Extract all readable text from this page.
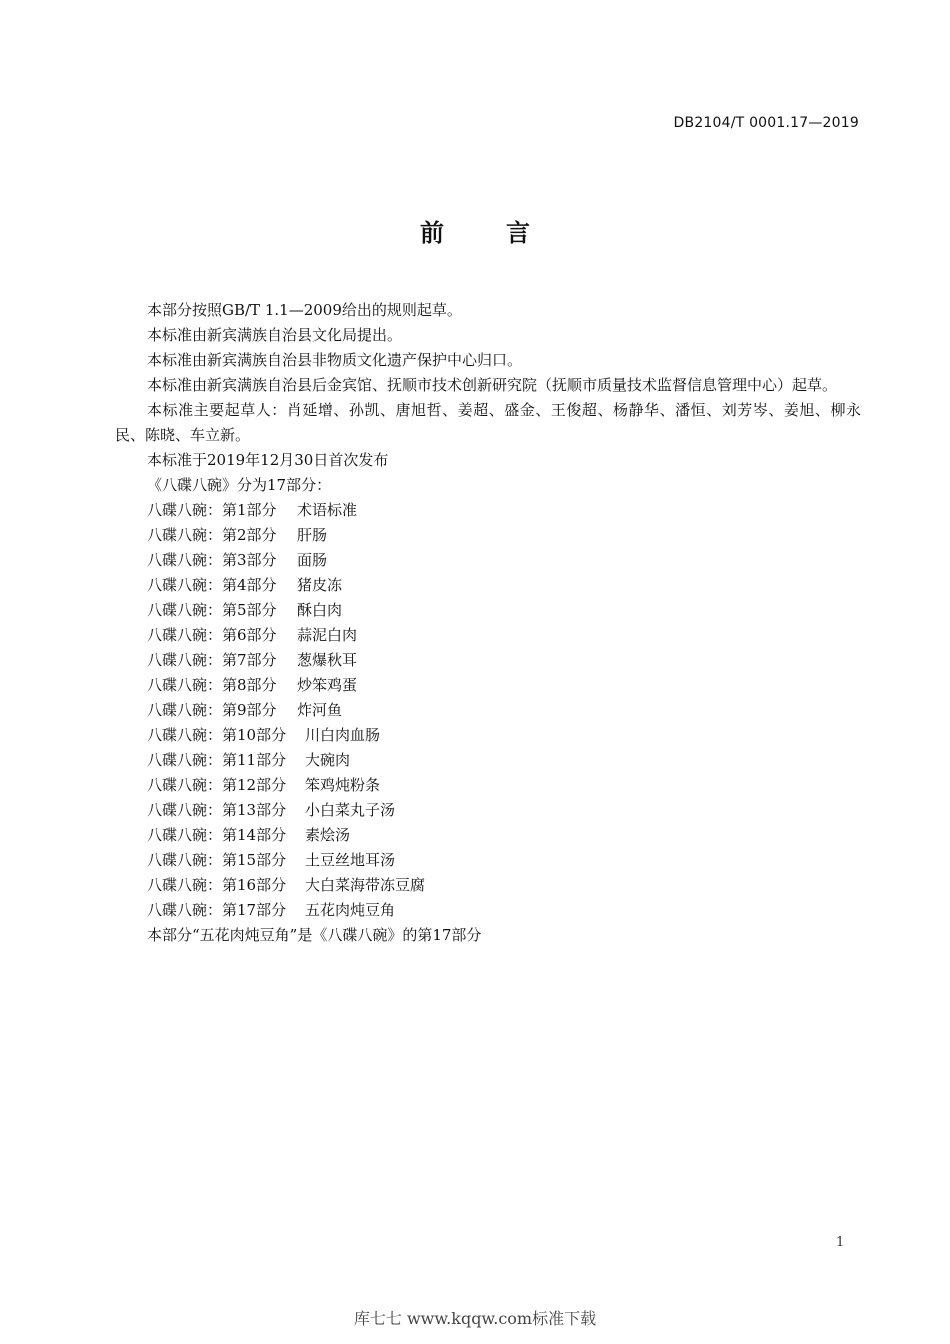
DB2104/T 0001.17—2019
前	言

本部分按照GB/T 1.1—2009给出的规则起草。

本标准由新宾满族自治县文化局提出。

本标准由新宾满族自治县非物质文化遗产保护中心归口。

本标准由新宾满族自治县后金宾馆、抚顺市技术创新研究院（抚顺市质量技术监督信息管理中心）起草。

本标准主要起草人：肖延增、孙凯、唐旭哲、姜超、盛金、王俊超、杨静华、潘恒、刘芳岑、姜旭、柳永民、陈晓、车立新。

本标准于2019年12月30日首次发布

《八碟八碗》分为17部分：

八碟八碗：第1部分 术语标准

八碟八碗：第2部分 肝肠

八碟八碗：第3部分 面肠

八碟八碗：第4部分 猪皮冻

八碟八碗：第5部分 酥白肉

八碟八碗：第6部分 蒜泥白肉

八碟八碗：第7部分 葱爆秋耳

八碟八碗：第8部分 炒笨鸡蛋

八碟八碗：第9部分 炸河鱼

八碟八碗：第10部分 川白肉血肠

八碟八碗：第11部分 大碗肉

八碟八碗：第12部分 笨鸡炖粉条

八碟八碗：第13部分 小白菜丸子汤

八碟八碗：第14部分 素烩汤

八碟八碗：第15部分 土豆丝地耳汤

八碟八碗：第16部分 大白菜海带冻豆腐

八碟八碗：第17部分 五花肉炖豆角

本部分“五花肉炖豆角”是《八碟八碗》的第17部分

1
库七七 www.kqqw.com标准下载
